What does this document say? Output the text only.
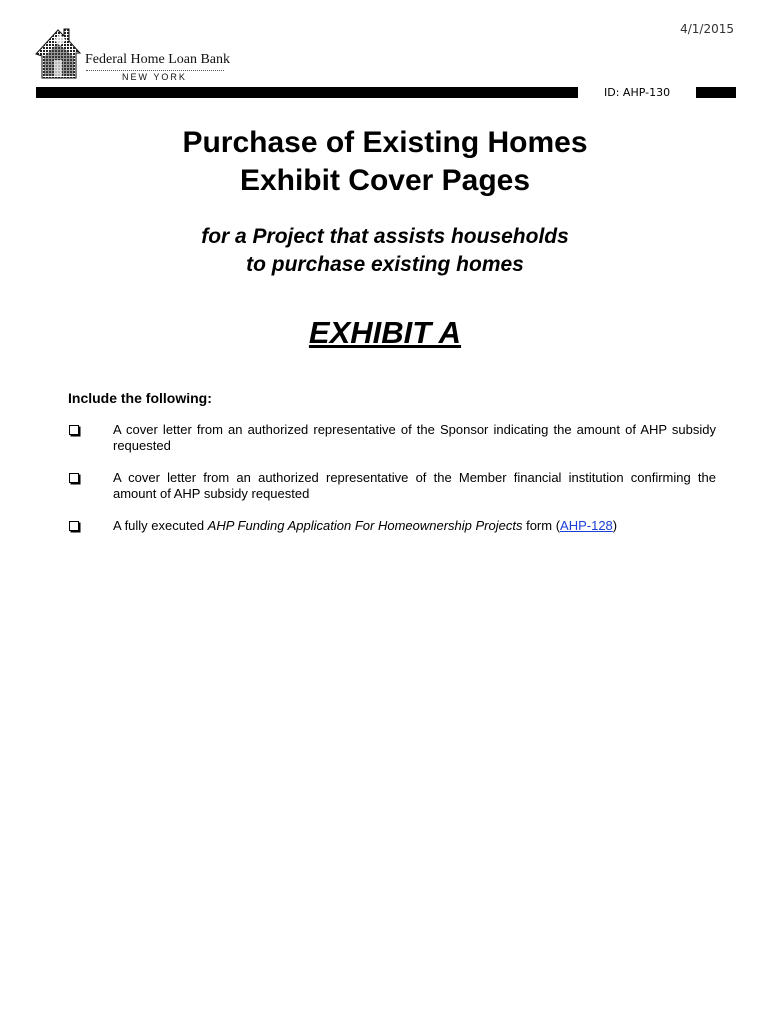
4/1/2015
Federal Home Loan Bank
NEW YORK
ID: AHP-130
Purchase of Existing Homes
Exhibit Cover Pages
for a Project that assists households
to purchase existing homes
EXHIBIT A
Include the following:
A cover letter from an authorized representative of the Sponsor indicating the amount of AHP subsidy requested
A cover letter from an authorized representative of the Member financial institution confirming the amount of AHP subsidy requested
A fully executed AHP Funding Application For Homeownership Projects form (AHP-128)
